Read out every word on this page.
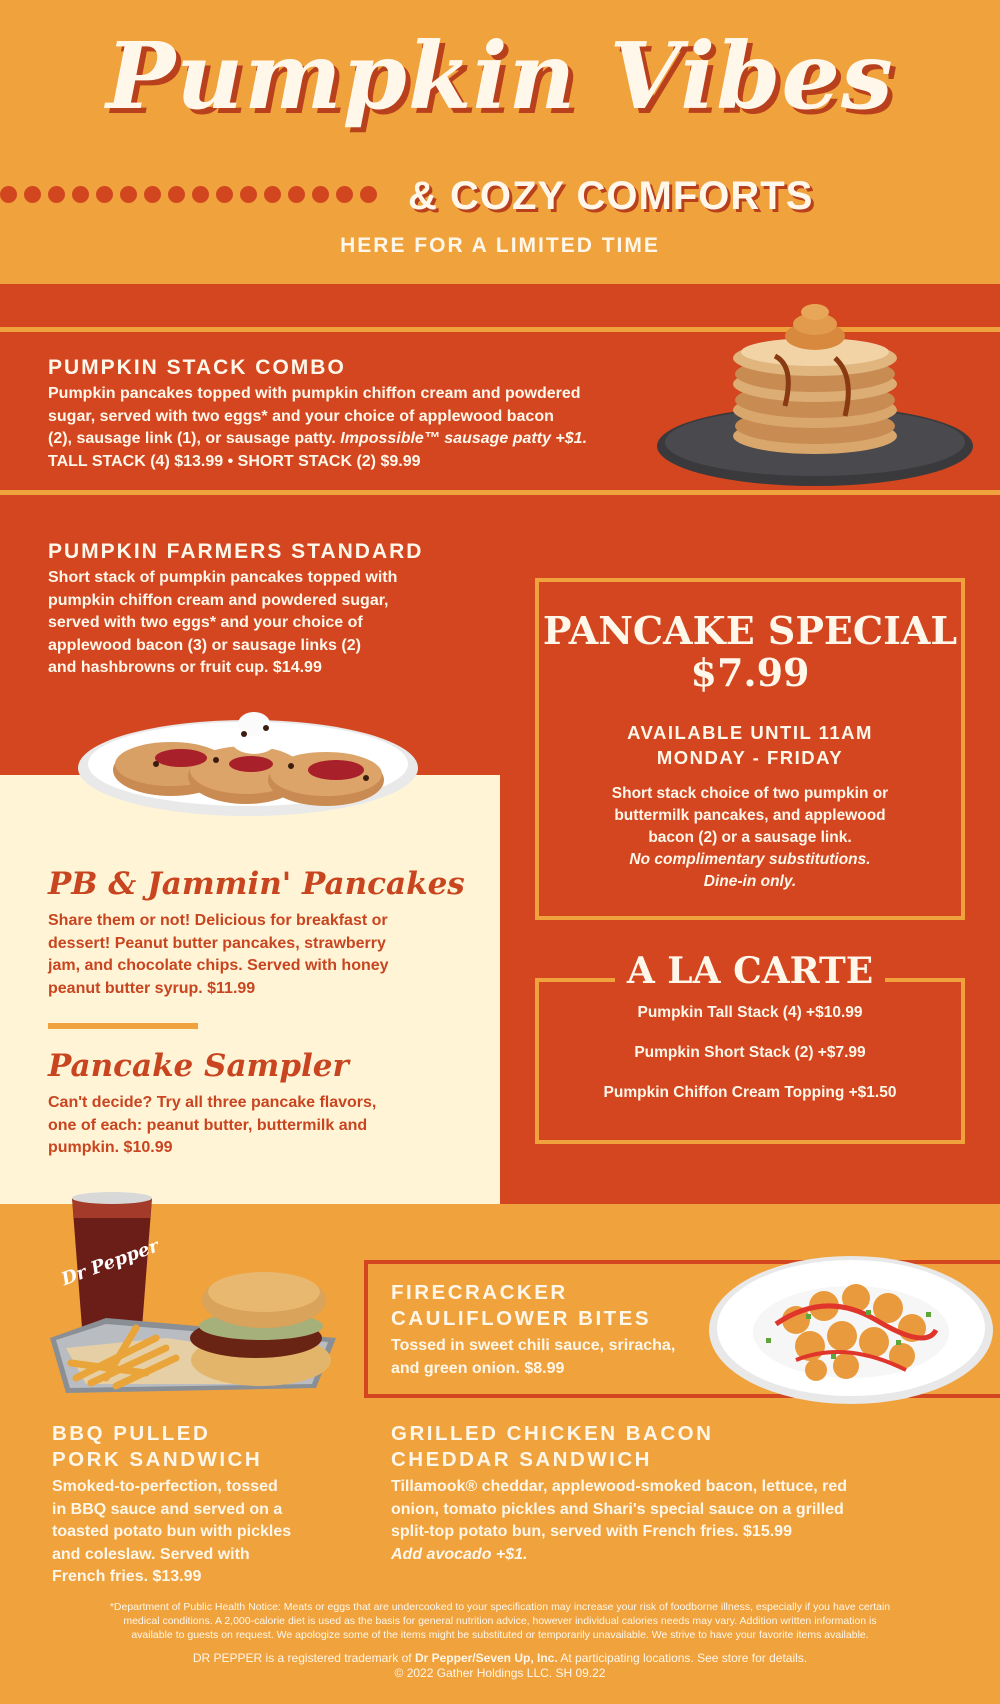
Pumpkin Vibes
& COZY COMFORTS
HERE FOR A LIMITED TIME
PUMPKIN STACK COMBO
Pumpkin pancakes topped with pumpkin chiffon cream and powdered
sugar, served with two eggs* and your choice of applewood bacon
(2), sausage link (1), or sausage patty. Impossible™ sausage patty +$1.
TALL STACK (4) $13.99 • SHORT STACK (2) $9.99
PUMPKIN FARMERS STANDARD
Short stack of pumpkin pancakes topped with
pumpkin chiffon cream and powdered sugar,
served with two eggs* and your choice of
applewood bacon (3) or sausage links (2)
and hashbrowns or fruit cup. $14.99
PANCAKE SPECIAL
$7.99
AVAILABLE UNTIL 11AM
MONDAY - FRIDAY
Short stack choice of two pumpkin or
buttermilk pancakes, and applewood
bacon (2) or a sausage link.
No complimentary substitutions.
Dine-in only.
Pumpkin Tall Stack (4) +$10.99
Pumpkin Short Stack (2) +$7.99
Pumpkin Chiffon Cream Topping +$1.50
A LA CARTE
PB & Jammin' Pancakes
Share them or not! Delicious for breakfast or
dessert! Peanut butter pancakes, strawberry
jam, and chocolate chips. Served with honey
peanut butter syrup. $11.99
Pancake Sampler
Can't decide? Try all three pancake flavors,
one of each: peanut butter, buttermilk and
pumpkin. $10.99
Dr Pepper
FIRECRACKER
CAULIFLOWER BITES
Tossed in sweet chili sauce, sriracha,
and green onion. $8.99
BBQ PULLED
PORK SANDWICH
Smoked-to-perfection, tossed
in BBQ sauce and served on a
toasted potato bun with pickles
and coleslaw. Served with
French fries. $13.99
GRILLED CHICKEN BACON
CHEDDAR SANDWICH
Tillamook® cheddar, applewood-smoked bacon, lettuce, red
onion, tomato pickles and Shari's special sauce on a grilled
split-top potato bun, served with French fries. $15.99
Add avocado +$1.
*Department of Public Health Notice: Meats or eggs that are undercooked to your specification may increase your risk of foodborne illness, especially if you have certain
medical conditions. A 2,000-calorie diet is used as the basis for general nutrition advice, however individual calories needs may vary. Addition written information is
available to guests on request. We apologize some of the items might be substituted or temporarily unavailable. We strive to have your favorite items available.
DR PEPPER is a registered trademark of Dr Pepper/Seven Up, Inc. At participating locations. See store for details.
© 2022 Gather Holdings LLC. SH 09.22
